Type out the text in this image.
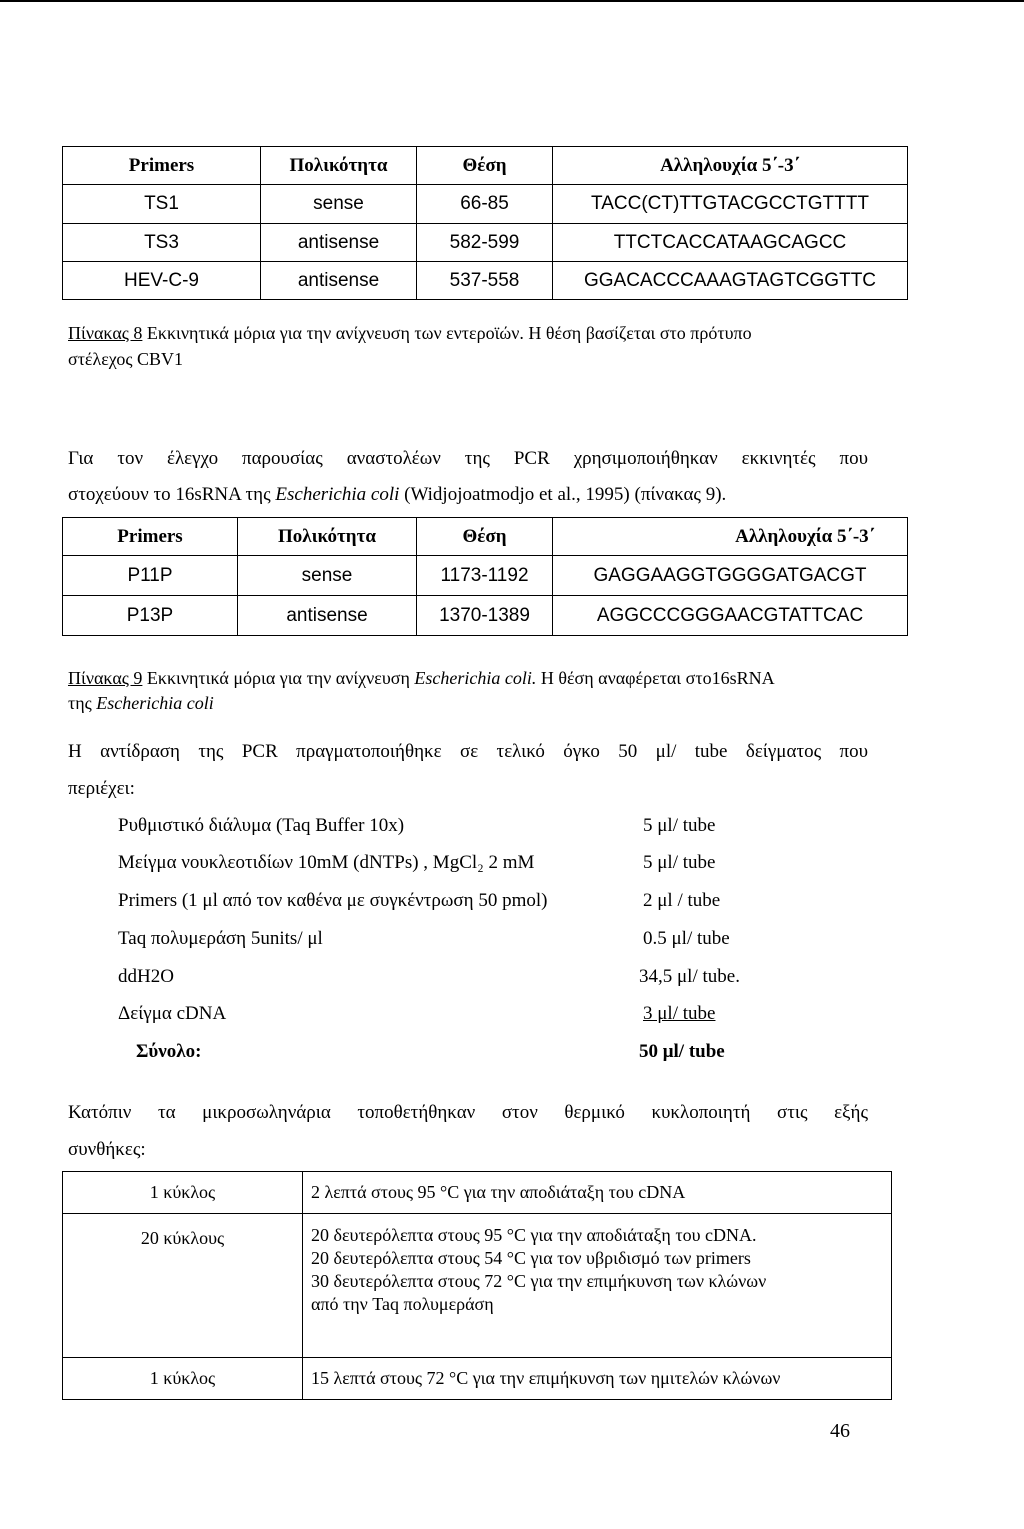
Primers	Πολικότητα	Θέση	Αλληλουχία 5΄-3΄
TS1	sense	66-85	TACC(CT)TTGTACGCCTGTTTT
TS3	antisense	582-599	TTCTCACCATAAGCAGCC
HEV-C-9	antisense	537-558	GGACACCCAAAGTAGTCGGTTC
Πίνακας 8 Εκκινητικά μόρια για την ανίχνευση των εντεροϊών. Η θέση βασίζεται στο πρότυπο
στέλεχος CBV1
Για τον έλεγχο παρουσίας αναστολέων της PCR χρησιμοποιήθηκαν εκκινητές που
στοχεύουν το 16sRNA της Escherichia coli (Widjojoatmodjo et al., 1995) (πίνακας 9).
Primers	Πολικότητα	Θέση	Αλληλουχία 5΄-3΄
P11P	sense	1173-1192	GAGGAAGGTGGGGATGACGT
P13P	antisense	1370-1389	AGGCCCGGGAACGTATTCAC
Πίνακας 9 Εκκινητικά μόρια για την ανίχνευση Escherichia coli. Η θέση αναφέρεται στο16sRNA
της Escherichia coli
Η αντίδραση της PCR πραγματοποιήθηκε σε τελικό όγκο 50 μl/ tube δείγματος που
περιέχει:
Ρυθμιστικό διάλυμα (Taq Buffer 10x)	5 μl/ tube
Μείγμα νουκλεοτιδίων 10mM (dNTPs) , MgCl₂ 2 mM	5 μl/ tube
Primers (1 μl από τον καθένα με συγκέντρωση 50 pmol)	2 μl / tube
Taq πολυμεράση 5units/ μl	0.5 μl/ tube
ddH2O	34,5 μl/ tube.
Δείγμα cDNA	3 μl/ tube
Σύνολο:	50 μl/ tube
Κατόπιν τα μικροσωληνάρια τοποθετήθηκαν στον θερμικό κυκλοποιητή στις εξής
συνθήκες:
1 κύκλος	2 λεπτά στους 95 °C για την αποδιάταξη του cDNA
20 κύκλους	20 δευτερόλεπτα στους 95 °C για την αποδιάταξη του cDNA.
20 δευτερόλεπτα στους 54 °C για τον υβριδισμό των primers
30 δευτερόλεπτα στους 72 °C για την επιμήκυνση των κλώνων
από την Taq πολυμεράση

1 κύκλος	15 λεπτά στους 72 °C για την επιμήκυνση των ημιτελών κλώνων
46
